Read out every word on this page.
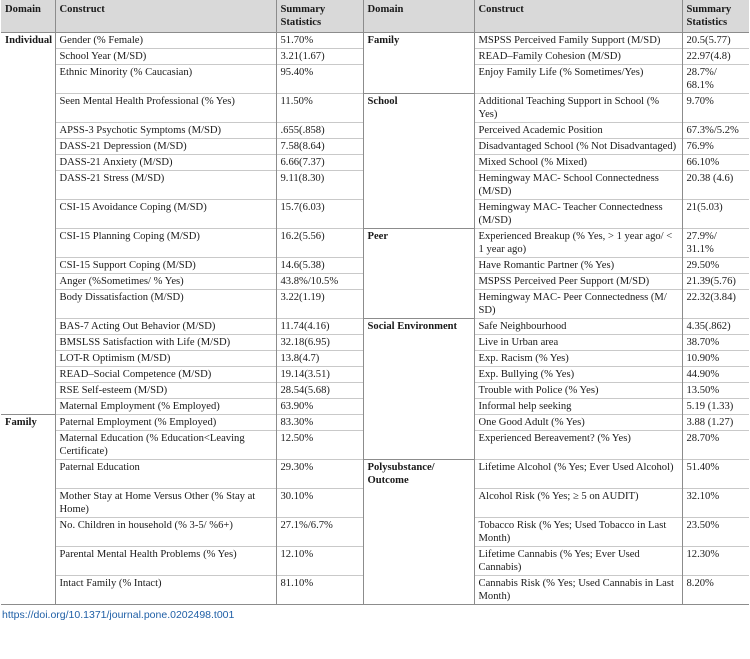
Domain	Construct	Summary Statistics	Domain	Construct	Summary Statistics
Individual	Gender (% Female)	51.70%	Family	MSPSS Perceived Family Support (M/SD)	20.5(5.77)
	School Year (M/SD)	3.21(1.67)		READ–Family Cohesion (M/SD)	22.97(4.8)
	Ethnic Minority (% Caucasian)	95.40%		Enjoy Family Life (% Sometimes/Yes)	28.7%/ 68.1%
	Seen Mental Health Professional (% Yes)	11.50%	School	Additional Teaching Support in School (% Yes)	9.70%
	APSS-3 Psychotic Symptoms (M/SD)	.655(.858)		Perceived Academic Position	67.3%/5.2%
	DASS-21 Depression (M/SD)	7.58(8.64)		Disadvantaged School (% Not Disadvantaged)	76.9%
	DASS-21 Anxiety (M/SD)	6.66(7.37)		Mixed School (% Mixed)	66.10%
	DASS-21 Stress (M/SD)	9.11(8.30)		Hemingway MAC- School Connectedness (M/SD)	20.38 (4.6)
	CSI-15 Avoidance Coping (M/SD)	15.7(6.03)		Hemingway MAC- Teacher Connectedness (M/SD)	21(5.03)
	CSI-15 Planning Coping (M/SD)	16.2(5.56)	Peer	Experienced Breakup (% Yes, > 1 year ago/ < 1 year ago)	27.9%/ 31.1%
	CSI-15 Support Coping (M/SD)	14.6(5.38)		Have Romantic Partner (% Yes)	29.50%
	Anger (%Sometimes/ % Yes)	43.8%/10.5%		MSPSS Perceived Peer Support (M/SD)	21.39(5.76)
	Body Dissatisfaction (M/SD)	3.22(1.19)		Hemingway MAC- Peer Connectedness (M/ SD)	22.32(3.84)
	BAS-7 Acting Out Behavior (M/SD)	11.74(4.16)	Social Environment	Safe Neighbourhood	4.35(.862)
	BMSLSS Satisfaction with Life (M/SD)	32.18(6.95)		Live in Urban area	38.70%
	LOT-R Optimism (M/SD)	13.8(4.7)		Exp. Racism (% Yes)	10.90%
	READ–Social Competence (M/SD)	19.14(3.51)		Exp. Bullying (% Yes)	44.90%
	RSE Self-esteem (M/SD)	28.54(5.68)		Trouble with Police (% Yes)	13.50%
	Maternal Employment (% Employed)	63.90%		Informal help seeking	5.19 (1.33)
Family	Paternal Employment (% Employed)	83.30%		One Good Adult (% Yes)	3.88 (1.27)
	Maternal Education (% Education<Leaving Certificate)	12.50%		Experienced Bereavement? (% Yes)	28.70%
	Paternal Education	29.30%	Polysubstance/ Outcome	Lifetime Alcohol (% Yes; Ever Used Alcohol)	51.40%
	Mother Stay at Home Versus Other (% Stay at Home)	30.10%		Alcohol Risk (% Yes; ≥ 5 on AUDIT)	32.10%
	No. Children in household (% 3-5/ %6+)	27.1%/6.7%		Tobacco Risk (% Yes; Used Tobacco in Last Month)	23.50%
	Parental Mental Health Problems (% Yes)	12.10%		Lifetime Cannabis (% Yes; Ever Used Cannabis)	12.30%
	Intact Family (% Intact)	81.10%		Cannabis Risk (% Yes; Used Cannabis in Last Month)	8.20%
https://doi.org/10.1371/journal.pone.0202498.t001
